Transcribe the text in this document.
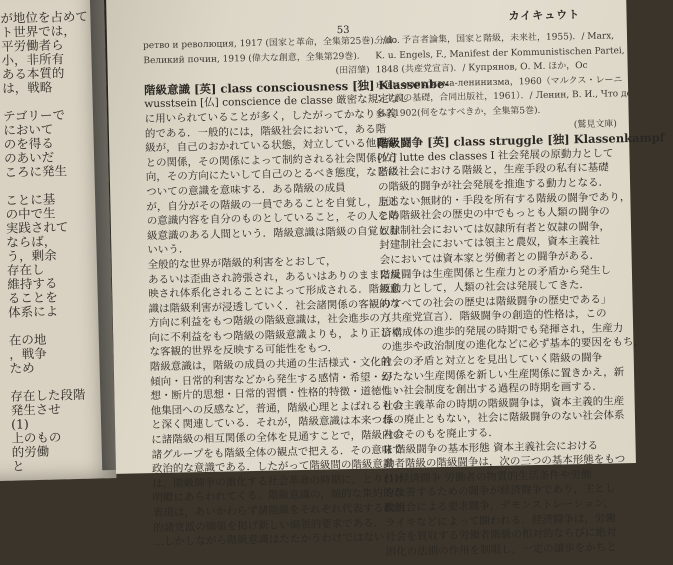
が地位を占めて
ト世界では，
平労働者ら
小，非所有
ある本質的
は，戦略
テゴリーで
において
のを得る
のあいだ
ころに発生
ことに基
の中で生
実践されて
ならば，
う，剰余
存在し
維持する
ることを
体系によ
在の地
，戦争
ため
存在した段階
発生させ
(1)
上のもの
的労働
と
53
カイキュウト

ретво и революция, 1917 (国家と革命，全集第25巻)．/do.

Великий почин, 1919 (偉大な創意，全集第29巻)．

(田沼肇)

階級意識 [英] class consciousness [独] Klassenbe-

wusstsein [仏] conscience de classe 厳密な規定なし

に用いられていることが多く，したがってかなり多義

的である．一般的には，階級社会において，ある階

級が，自己のおかれている状態，対立している他階級

との関係，その関係によって制約される社会関係の方

向，その方向にたいして自己のとるべき態度，などに

ついての意識を意味する．ある階級の成員

が，自分がその階級の一員であることを自覚し，上述

の意識内容を自分のものとしていること，その人を階

級意識のある人間という．階級意識は階級の自覚とも

いいう．

全般的な世界が階級的利害をとおして，

あるいは歪曲され誇張され，あるいはありのままに反

映され体系化されることによって形成される．階級意

識は階級利害が浸透していく．社会諸関係の客観的な

方向に利益をもつ階級の階級意識は，社会進歩の方

向に不利益をもつ階級の階級意識よりも，より正しく

な客観的世界を反映する可能性をもつ．

階級意識は，階級の成員の共通の生活様式・文化的

傾向・日常的利害などから発生する感情・希望・幻

想・断片的思想・日常的習慣・性格的特徴・道徳性・

他集団への反感など，普通，階級心理とよばれるもの

と深く関連している．それが，階級意識は本来つね

に諸階級の相互関係の全体を見通すことで，階級内の

諸グループをも階級全体の観点で把える．その意味で

政治的な意識である．したがって階級間の階級意識

は，階級闘争の激化する社会革命の時期に，とりわけ

明瞭にあらわれてくる．階級意識の，端的な集約的な

表現は，あいかわらず諸階級をそれぞれ代表する政治

的諸党派の綱領を掲げ新しい綱領的要求である．

…しかしながら階級意識はたたかうわけではない

分論：予言者論集，国家と階級，未来社，1955)．/ Marx,

K. u. Engels, F., Manifest der Kommunistischen Partei,

1848 (共産党宣言)．/ Купрянов, О. М. ほか，Ос

новы марксизма-ленинизма，1960（マルクス・レーニ

ン主義の基礎，合同出版社，1961）．/ Ленин, В. И., Что де

ть? 1902(何をなすべきか，全集第5巻)．

(鷲見文庫)

階級闘争 [英] class struggle [独] Klassenkampf

[仏] lutte des classes I 社会発展の原動力として

階級社会における階級と，生産手段の私有に基礎

の階級的闘争が社会発展を推進する動力となる．

原しない無財的・手段を所有する階級の闘争であり，

この階級社会の歴史の中でもっとも人類の闘争の

奴隷制社会においては奴隷所有者と奴隷の闘争，

封建制社会においては領主と農奴，資本主義社

会においては資本家と労働者との闘争がある．

階級闘争は生産関係と生産力との矛盾から発生し

原動力として，人類の社会は発展してきた．

のすべての社会の歴史は階級闘争の歴史である」

（共産党宣言）．階級闘争の創造的性格は，この

済構成体の進歩的発展の時期でも発揮され，生産力

の進歩や政治制度の進化などに必ず基本的要因をもち，

社会の矛盾と対立とを見出していく階級の闘争

がたない生産関係を新しい生産関係に置きかえ，新

しい社会制度を創出する過程の時期を画する．

社会主義革命の時期の階級闘争は，資本主義的生産

係の廃止ともない，社会に階級闘争のない社会体系

社会そのもを廃止する．

II 階級闘争の基本形態 資本主義社会における

動者階級の階級闘争は，次の三つの基本形態をもつ

(1)経済闘争 労働者の物質的生活条件や労働

を改善するための闘争が経済闘争であり，主とし

動組合による要求闘争，デモンストレーション，

ライキなどによって闘われる．経済闘争は，労働

社会を買収する労働者階級の相対的ならびに絶対

困化の法則の作用を制限し，一定の譲歩をかちと
